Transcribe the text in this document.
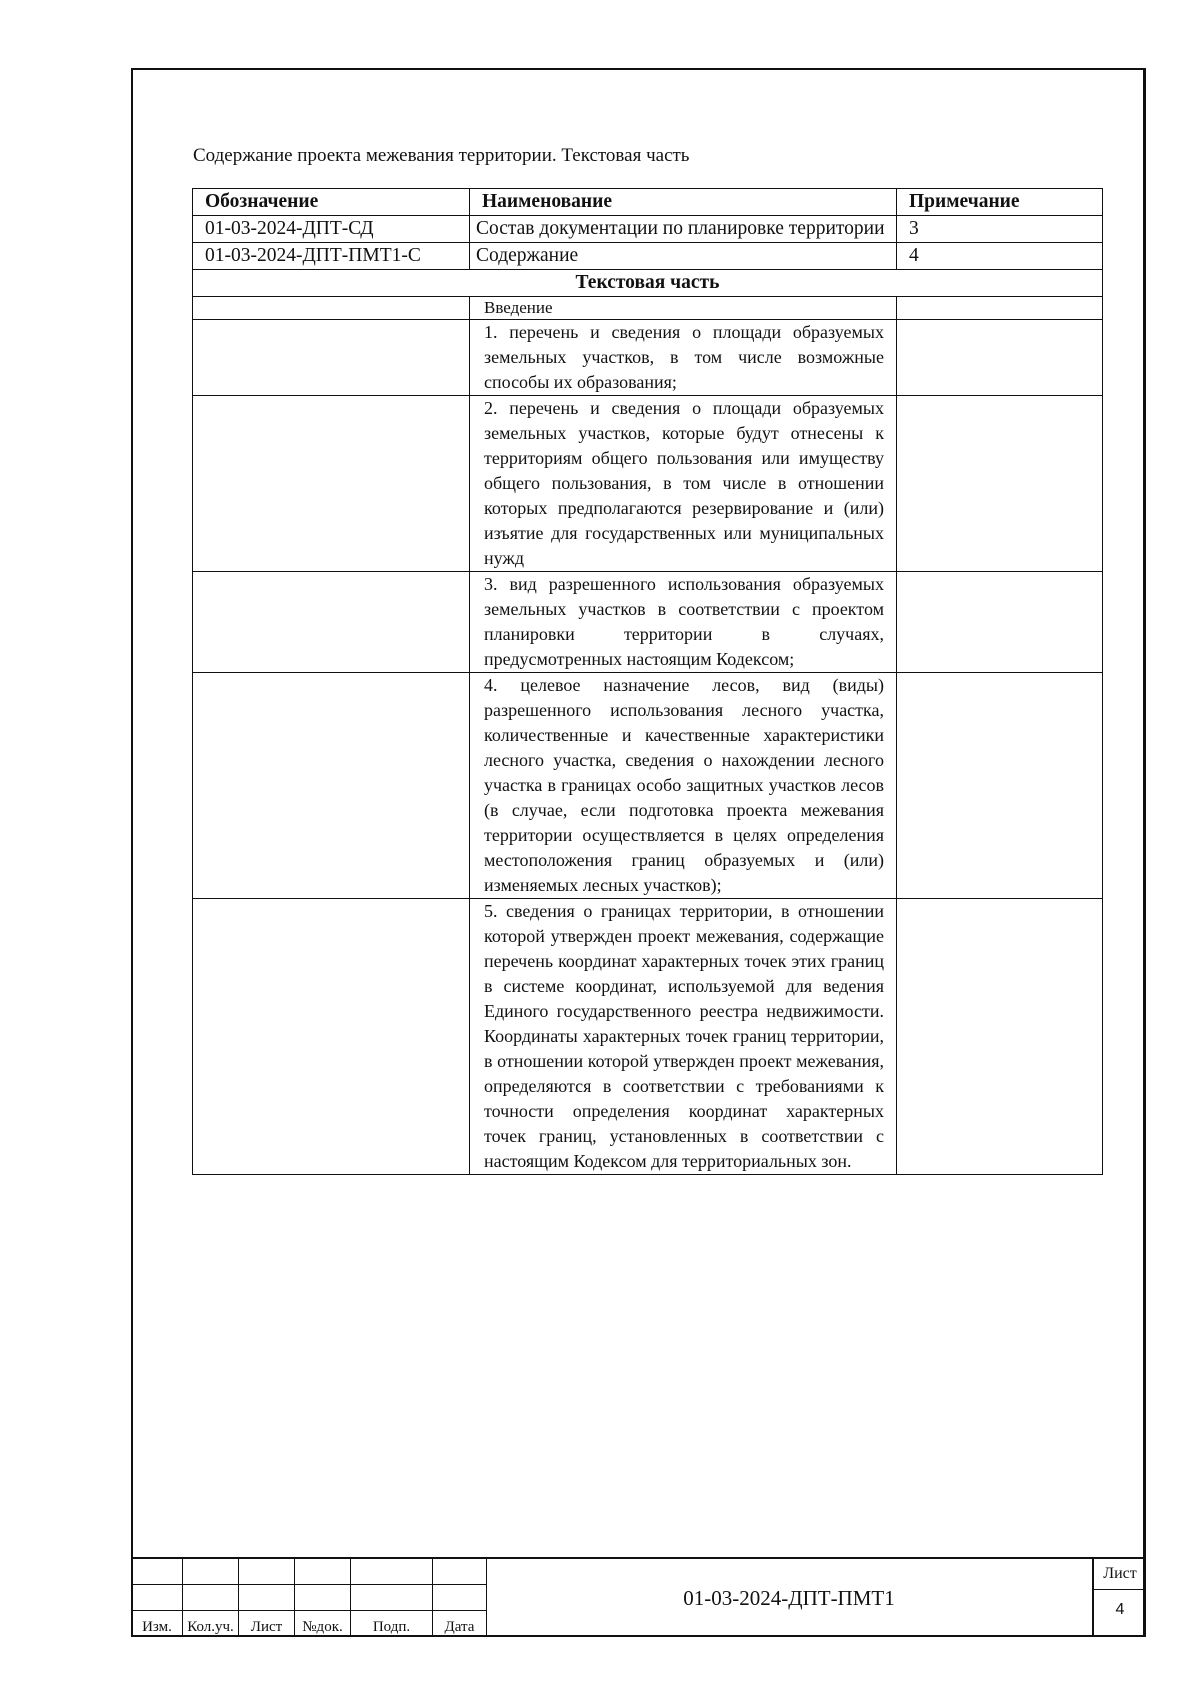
Содержание проекта межевания территории. Текстовая часть
Обозначение	Наименование	Примечание
01-03-2024-ДПТ-СД	Состав документации по планировке территории	3
01-03-2024-ДПТ-ПМТ1-С	Содержание	4
Текстовая часть		
	Введение	
	1. перечень и сведения о площади образуемых земельных участков, в том числе возможные способы их образования;	
	2. перечень и сведения о площади образуемых земельных участков, которые будут отнесены к территориям общего пользования или имуществу общего пользования, в том числе в отношении которых предполагаются резервирование и (или) изъятие для государственных или муниципальных нужд	
	3. вид разрешенного использования образуемых земельных участков в соответствии с проектом планировки территории в случаях, предусмотренных настоящим Кодексом;	
	4. целевое назначение лесов, вид (виды) разрешенного использования лесного участка, количественные и качественные характеристики лесного участка, сведения о нахождении лесного участка в границах особо защитных участков лесов (в случае, если подготовка проекта межевания территории осуществляется в целях определения местоположения границ образуемых и (или) изменяемых лесных участков);	
	5. сведения о границах территории, в отношении которой утвержден проект межевания, содержащие перечень координат характерных точек этих границ в системе координат, используемой для ведения Единого государственного реестра недвижимости. Координаты характерных точек границ территории, в отношении которой утвержден проект межевания, определяются в соответствии с требованиями к точности определения координат характерных точек границ, установленных в соответствии с настоящим Кодексом для территориальных зон.	

Изм.	Кол.уч.	Лист	№док.	Подп.	Дата
01-03-2024-ДПТ-ПМТ1
Лист
4
